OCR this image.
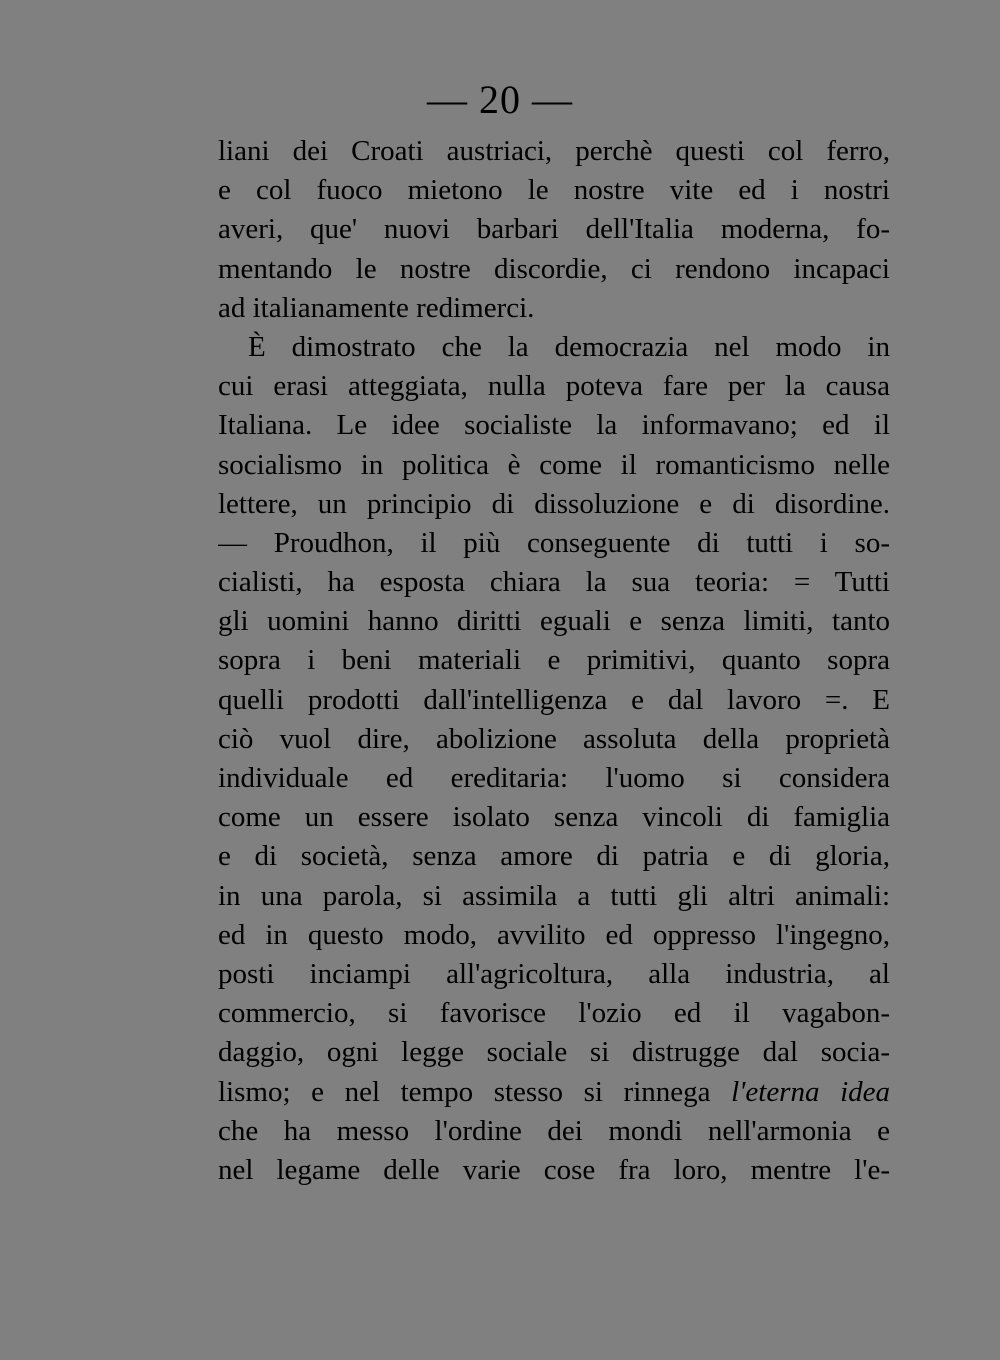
— 20 —
liani dei Croati austriaci, perchè questi col ferro,
e col fuoco mietono le nostre vite ed i nostri
averi, que' nuovi barbari dell'Italia moderna, fo-
mentando le nostre discordie, ci rendono incapaci
ad italianamente redimerci.
È dimostrato che la democrazia nel modo in
cui erasi atteggiata, nulla poteva fare per la causa
Italiana. Le idee socialiste la informavano; ed il
socialismo in politica è come il romanticismo nelle
lettere, un principio di dissoluzione e di disordine.
— Proudhon, il più conseguente di tutti i so-
cialisti, ha esposta chiara la sua teoria: = Tutti
gli uomini hanno diritti eguali e senza limiti, tanto
sopra i beni materiali e primitivi, quanto sopra
quelli prodotti dall'intelligenza e dal lavoro =. E
ciò vuol dire, abolizione assoluta della proprietà
individuale ed ereditaria: l'uomo si considera
come un essere isolato senza vincoli di famiglia
e di società, senza amore di patria e di gloria,
in una parola, si assimila a tutti gli altri animali:
ed in questo modo, avvilito ed oppresso l'ingegno,
posti inciampi all'agricoltura, alla industria, al
commercio, si favorisce l'ozio ed il vagabon-
daggio, ogni legge sociale si distrugge dal socia-
lismo; e nel tempo stesso si rinnega l'eterna idea
che ha messo l'ordine dei mondi nell'armonia e
nel legame delle varie cose fra loro, mentre l'e-
